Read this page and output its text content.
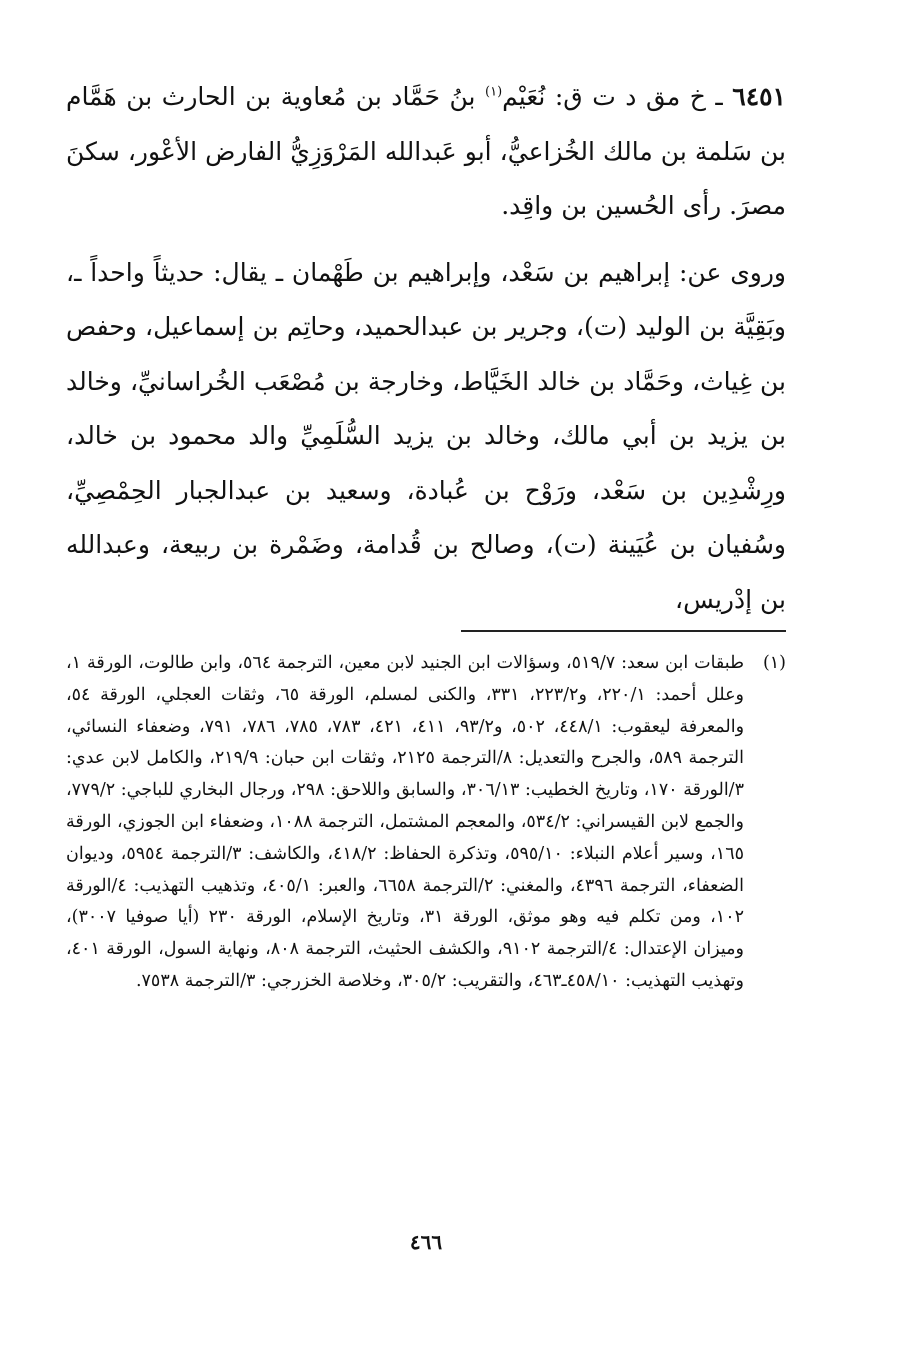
٦٤٥١ ـ خ مق د ت ق: نُعَيْم$^{(١)}$ بنُ حَمَّاد بن مُعاوية بن الحارث بن هَمَّام بن سَلمة بن مالك الخُزاعيُّ، أبو عَبدالله المَرْوَزِيُّ الفارض الأعْور، سكنَ مصرَ. رأى الحُسين بن واقِد.

وروى عن: إبراهيم بن سَعْد، وإبراهيم بن طَهْمان ـ يقال: حديثاً واحداً ـ، وبَقِيَّة بن الوليد (ت)، وجرير بن عبدالحميد، وحاتِم بن إسماعيل، وحفص بن غِياث، وحَمَّاد بن خالد الخَيَّاط، وخارجة بن مُصْعَب الخُراسانيِّ، وخالد بن يزيد بن أبي مالك، وخالد بن يزيد السُّلَمِيِّ والد محمود بن خالد، ورِشْدِين بن سَعْد، ورَوْح بن عُبادة، وسعيد بن عبدالجبار الحِمْصِيِّ، وسُفيان بن عُيَينة (ت)، وصالح بن قُدامة، وضَمْرة بن ربيعة، وعبدالله بن إدْريس،

(١)

طبقات ابن سعد: ٥١٩/٧، وسؤالات ابن الجنيد لابن معين، الترجمة ٥٦٤، وابن طالوت، الورقة ١، وعلل أحمد: ٢٢٠/١، و٢٢٣/٢، ٣٣١، والكنى لمسلم، الورقة ٦٥، وثقات العجلي، الورقة ٥٤، والمعرفة ليعقوب: ٤٤٨/١، ٥٠٢، و٩٣/٢، ٤١١، ٤٢١، ٧٨٣، ٧٨٥، ٧٨٦، ٧٩١، وضعفاء النسائي، الترجمة ٥٨٩، والجرح والتعديل: ٨/الترجمة ٢١٢٥، وثقات ابن حبان: ٢١٩/٩، والكامل لابن عدي: ٣/الورقة ١٧٠، وتاريخ الخطيب: ٣٠٦/١٣، والسابق واللاحق: ٢٩٨، ورجال البخاري للباجي: ٧٧٩/٢، والجمع لابن القيسراني: ٥٣٤/٢، والمعجم المشتمل، الترجمة ١٠٨٨، وضعفاء ابن الجوزي، الورقة ١٦٥، وسير أعلام النبلاء: ٥٩٥/١٠، وتذكرة الحفاظ: ٤١٨/٢، والكاشف: ٣/الترجمة ٥٩٥٤، وديوان الضعفاء، الترجمة ٤٣٩٦، والمغني: ٢/الترجمة ٦٦٥٨، والعبر: ٤٠٥/١، وتذهيب التهذيب: ٤/الورقة ١٠٢، ومن تكلم فيه وهو موثق، الورقة ٣١، وتاريخ الإسلام، الورقة ٢٣٠ (أيا صوفيا ٣٠٠٧)، وميزان الإعتدال: ٤/الترجمة ٩١٠٢، والكشف الحثيث، الترجمة ٨٠٨، ونهاية السول، الورقة ٤٠١، وتهذيب التهذيب: ٤٥٨/١٠ـ٤٦٣، والتقريب: ٣٠٥/٢، وخلاصة الخزرجي: ٣/الترجمة ٧٥٣٨.

٤٦٦
